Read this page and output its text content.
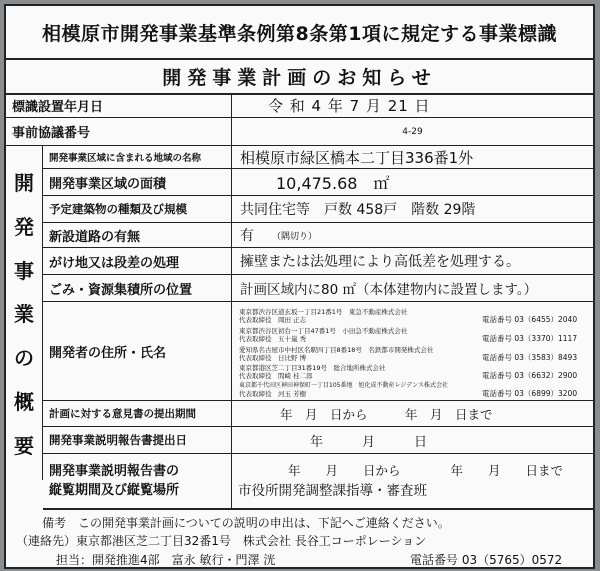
相模原市開発事業基準条例第8条第1項に規定する事業標識
開発事業計画のお知らせ
標識設置年月日	令 和 4 年 7 月 21 日
事前協議番号	4-29
開
発
事
業
の
概
要
開発事業区域に含まれる地域の名称	相模原市緑区橋本二丁目336番1外
開発事業区域の面積	10,475.68　㎡
予定建築物の種類及び規模	共同住宅等　戸数 458戸　階数 29階
新設道路の有無	有 （隅切り）
がけ地又は段差の処理	擁壁または法処理により高低差を処理する。
ごみ・資源集積所の位置	計画区域内に80 ㎡（本体建物内に設置します。）
開発者の住所・氏名
東京都渋谷区道玄坂一丁目21番1号　東急不動産株式会社
代表取締役　岡田 正志	電話番号 03（6455）2040
東京都渋谷区初台一丁目47番1号　小田急不動産株式会社
代表取締役　五十嵐 秀	電話番号 03（3370）1117
愛知県名古屋市中村区名駅四丁目8番18号　名鉄都市開発株式会社
代表取締役　日比野 博	電話番号 03（3583）8493
東京都港区芝二丁目31番19号　総合地所株式会社
代表取締役　間崎 桂二郎	電話番号 03（6632）2900
東京都千代田区神田神保町一丁目105番地　旭化成不動産レジデンス株式会社
代表取締役　河玉 芳樹	電話番号 03（6899）3200
計画に対する意見書の提出期間	年　月　日から　　　年　月　日まで
開発事業説明報告書提出日	年　　　月　　　日
開発事業説明報告書の
縦覧期間及び縦覧場所
年　　月　　日から　　　　年　　月　　日まで
市役所開発調整課指導・審査班
備考　この開発事業計画についての説明の申出は、下記へご連絡ください。
（連絡先）東京都港区芝二丁目32番1号　株式会社 長谷工コーポレーション
担当：開発推進4部　富永 敏行・門澤 洸	電話番号 03（5765）0572
